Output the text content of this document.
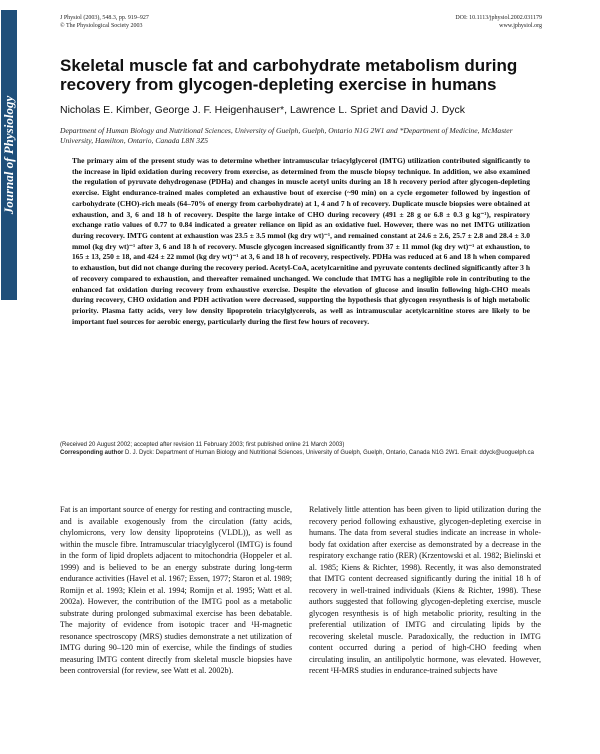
Journal of Physiology
J Physiol (2003), 548.3, pp. 919–927
© The Physiological Society 2003
DOI: 10.1113/jphysiol.2002.031179
www.jphysiol.org
Skeletal muscle fat and carbohydrate metabolism during recovery from glycogen-depleting exercise in humans
Nicholas E. Kimber, George J. F. Heigenhauser*, Lawrence L. Spriet and David J. Dyck
Department of Human Biology and Nutritional Sciences, University of Guelph, Guelph, Ontario N1G 2W1 and *Department of Medicine, McMaster University, Hamilton, Ontario, Canada L8N 3Z5

The primary aim of the present study was to determine whether intramuscular triacylglycerol (IMTG) utilization contributed significantly to the increase in lipid oxidation during recovery from exercise, as determined from the muscle biopsy technique. In addition, we also examined the regulation of pyruvate dehydrogenase (PDHa) and changes in muscle acetyl units during an 18 h recovery period after glycogen-depleting exercise. Eight endurance-trained males completed an exhaustive bout of exercise (~90 min) on a cycle ergometer followed by ingestion of carbohydrate (CHO)-rich meals (64–70% of energy from carbohydrate) at 1, 4 and 7 h of recovery. Duplicate muscle biopsies were obtained at exhaustion, and 3, 6 and 18 h of recovery. Despite the large intake of CHO during recovery (491 ± 28 g or 6.8 ± 0.3 g kg⁻¹), respiratory exchange ratio values of 0.77 to 0.84 indicated a greater reliance on lipid as an oxidative fuel. However, there was no net IMTG utilization during recovery. IMTG content at exhaustion was 23.5 ± 3.5 mmol (kg dry wt)⁻¹, and remained constant at 24.6 ± 2.6, 25.7 ± 2.8 and 28.4 ± 3.0 mmol (kg dry wt)⁻¹ after 3, 6 and 18 h of recovery. Muscle glycogen increased significantly from 37 ± 11 mmol (kg dry wt)⁻¹ at exhaustion, to 165 ± 13, 250 ± 18, and 424 ± 22 mmol (kg dry wt)⁻¹ at 3, 6 and 18 h of recovery, respectively. PDHa was reduced at 6 and 18 h when compared to exhaustion, but did not change during the recovery period. Acetyl-CoA, acetylcarnitine and pyruvate contents declined significantly after 3 h of recovery compared to exhaustion, and thereafter remained unchanged. We conclude that IMTG has a negligible role in contributing to the enhanced fat oxidation during recovery from exhaustive exercise. Despite the elevation of glucose and insulin following high-CHO meals during recovery, CHO oxidation and PDH activation were decreased, supporting the hypothesis that glycogen resynthesis is of high metabolic priority. Plasma fatty acids, very low density lipoprotein triacylglycerols, as well as intramuscular acetylcarnitine stores are likely to be important fuel sources for aerobic energy, particularly during the first few hours of recovery.

(Received 20 August 2002; accepted after revision 11 February 2003; first published online 21 March 2003)

Corresponding author D. J. Dyck: Department of Human Biology and Nutritional Sciences, University of Guelph, Guelph, Ontario, Canada N1G 2W1. Email: ddyck@uoguelph.ca

Fat is an important source of energy for resting and contracting muscle, and is available exogenously from the circulation (fatty acids, chylomicrons, very low density lipoproteins (VLDL)), as well as within the muscle fibre. Intramuscular triacylglycerol (IMTG) is found in the form of lipid droplets adjacent to mitochondria (Hoppeler et al. 1999) and is believed to be an energy substrate during long-term endurance activities (Havel et al. 1967; Essen, 1977; Staron et al. 1989; Romijn et al. 1993; Klein et al. 1994; Romijn et al. 1995; Watt et al. 2002a). However, the contribution of the IMTG pool as a metabolic substrate during prolonged submaximal exercise has been debatable. The majority of evidence from isotopic tracer and ¹H-magnetic resonance spectroscopy (MRS) studies demonstrate a net utilization of IMTG during 90–120 min of exercise, while the findings of studies measuring IMTG content directly from skeletal muscle biopsies have been controversial (for review, see Watt et al. 2002b).

Relatively little attention has been given to lipid utilization during the recovery period following exhaustive, glycogen-depleting exercise in humans. The data from several studies indicate an increase in whole-body fat oxidation after exercise as demonstrated by a decrease in the respiratory exchange ratio (RER) (Krzentowski et al. 1982; Bielinski et al. 1985; Kiens & Richter, 1998). Recently, it was also demonstrated that IMTG content decreased significantly during the initial 18 h of recovery in well-trained individuals (Kiens & Richter, 1998). These authors suggested that following glycogen-depleting exercise, muscle glycogen resynthesis is of high metabolic priority, resulting in the preferential utilization of IMTG and circulating lipids by the recovering skeletal muscle. Paradoxically, the reduction in IMTG content occurred during a period of high-CHO feeding when circulating insulin, an antilipolytic hormone, was elevated. However, recent ¹H-MRS studies in endurance-trained subjects have
